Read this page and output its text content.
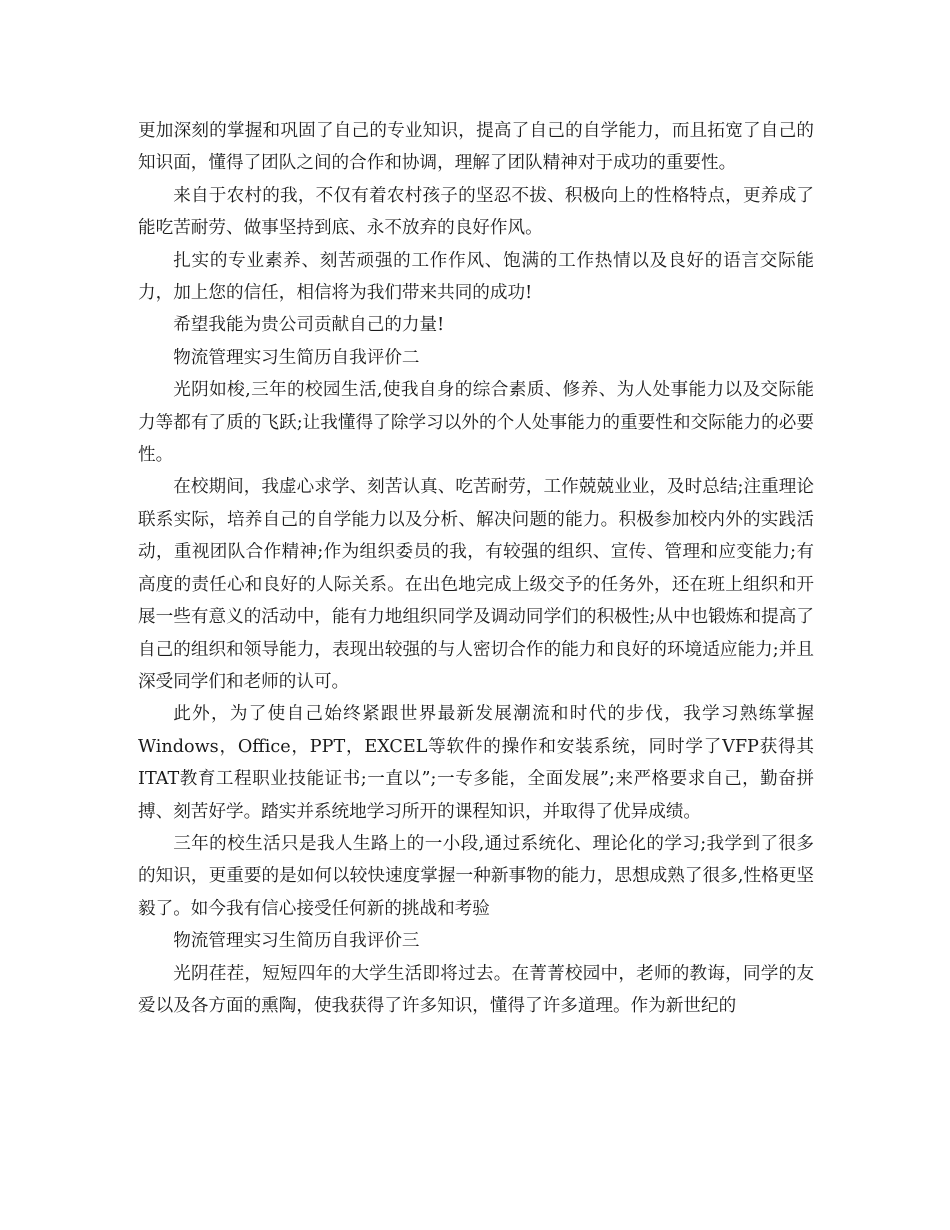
更加深刻的掌握和巩固了自己的专业知识，提高了自己的自学能力，而且拓宽了自己的知识面，懂得了团队之间的合作和协调，理解了团队精神对于成功的重要性。

来自于农村的我，不仅有着农村孩子的坚忍不拔、积极向上的性格特点，更养成了能吃苦耐劳、做事坚持到底、永不放弃的良好作风。

扎实的专业素养、刻苦顽强的工作作风、饱满的工作热情以及良好的语言交际能力，加上您的信任，相信将为我们带来共同的成功!

希望我能为贵公司贡献自己的力量!

物流管理实习生简历自我评价二

光阴如梭,三年的校园生活,使我自身的综合素质、修养、为人处事能力以及交际能力等都有了质的飞跃;让我懂得了除学习以外的个人处事能力的重要性和交际能力的必要性。

在校期间，我虚心求学、刻苦认真、吃苦耐劳，工作兢兢业业，及时总结;注重理论联系实际，培养自己的自学能力以及分析、解决问题的能力。积极参加校内外的实践活动，重视团队合作精神;作为组织委员的我，有较强的组织、宣传、管理和应变能力;有高度的责任心和良好的人际关系。在出色地完成上级交予的任务外，还在班上组织和开展一些有意义的活动中，能有力地组织同学及调动同学们的积极性;从中也锻炼和提高了自己的组织和领导能力，表现出较强的与人密切合作的能力和良好的环境适应能力;并且深受同学们和老师的认可。

此外，为了使自己始终紧跟世界最新发展潮流和时代的步伐，我学习熟练掌握Windows，Office，PPT，EXCEL等软件的操作和安装系统，同时学了VFP获得其ITAT教育工程职业技能证书;一直以”;一专多能，全面发展”;来严格要求自己，勤奋拼搏、刻苦好学。踏实并系统地学习所开的课程知识，并取得了优异成绩。

三年的校生活只是我人生路上的一小段,通过系统化、理论化的学习;我学到了很多的知识，更重要的是如何以较快速度掌握一种新事物的能力，思想成熟了很多,性格更坚毅了。如今我有信心接受任何新的挑战和考验

物流管理实习生简历自我评价三

光阴荏茬，短短四年的大学生活即将过去。在菁菁校园中，老师的教诲，同学的友爱以及各方面的熏陶，使我获得了许多知识，懂得了许多道理。作为新世纪的
